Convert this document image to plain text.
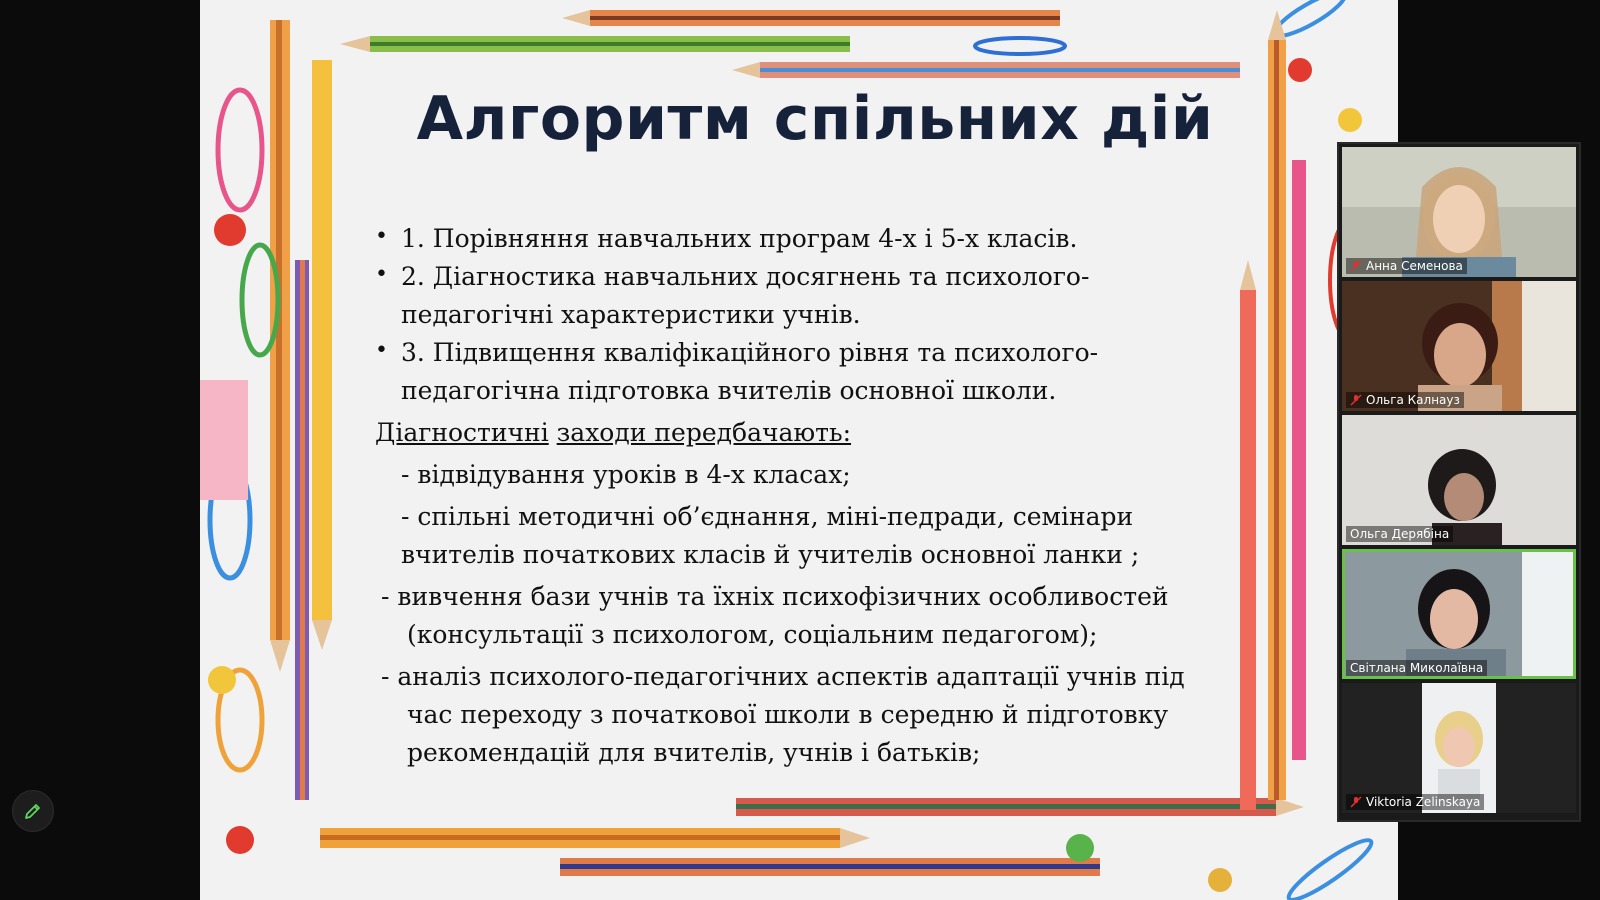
Алгоритм спільних дій
• 1. Порівняння навчальних програм 4-х і 5-х класів.
• 2. Діагностика навчальних досягнень та психолого-
педагогічні характеристики учнів.
• 3. Підвищення кваліфікаційного рівня та психолого-
педагогічна підготовка вчителів основної школи.
Діагностичні заходи передбачають:
- відвідування уроків в 4-х класах;
- спільні методичні об’єднання, міні-педради, семінари
вчителів початкових класів й учителів основної ланки ;
- вивчення бази учнів та їхніх психофізичних особливостей
(консультації з психологом, соціальним педагогом);
- аналіз психолого-педагогічних аспектів адаптації учнів під
час переходу з початкової школи в середню й підготовку
рекомендацій для вчителів, учнів і батьків;
Анна Семенова
Ольга Калнауз
Ольга Дерябіна
Світлана Миколаївна
Viktoria Zelinskaya
